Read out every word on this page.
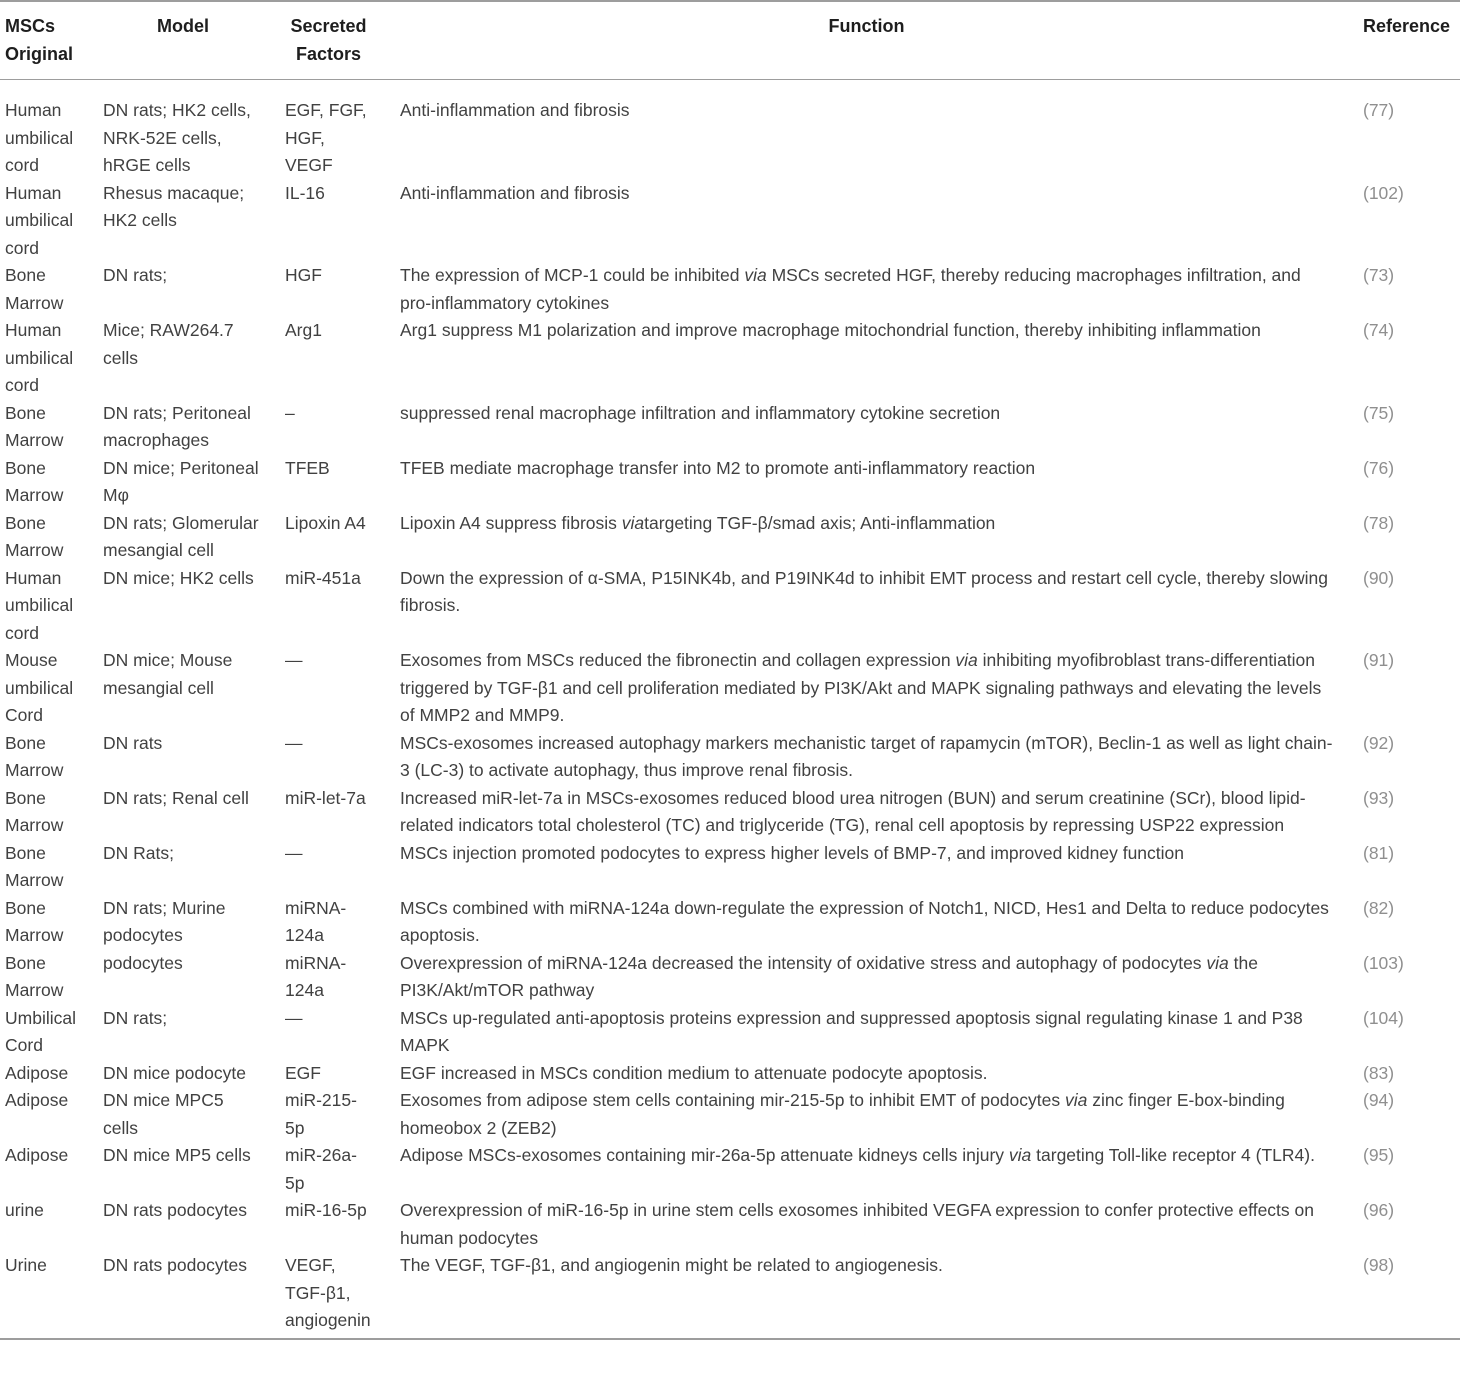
MSCs Original	Model	Secreted Factors	Function	Reference
Human umbilical cord	DN rats; HK2 cells, NRK-52E cells, hRGE cells	EGF, FGF, HGF, VEGF	Anti-inflammation and fibrosis	(77)
Human umbilical cord	Rhesus macaque; HK2 cells	IL-16	Anti-inflammation and fibrosis	(102)
Bone Marrow	DN rats;	HGF	The expression of MCP-1 could be inhibited via MSCs secreted HGF, thereby reducing macrophages infiltration, and pro-inflammatory cytokines	(73)
Human umbilical cord	Mice; RAW264.7 cells	Arg1	Arg1 suppress M1 polarization and improve macrophage mitochondrial function, thereby inhibiting inflammation	(74)
Bone Marrow	DN rats; Peritoneal macrophages	–	suppressed renal macrophage infiltration and inflammatory cytokine secretion	(75)
Bone Marrow	DN mice; Peritoneal Mφ	TFEB	TFEB mediate macrophage transfer into M2 to promote anti-inflammatory reaction	(76)
Bone Marrow	DN rats; Glomerular mesangial cell	Lipoxin A4	Lipoxin A4 suppress fibrosis viatargeting TGF-β/smad axis; Anti-inflammation	(78)
Human umbilical cord	DN mice; HK2 cells	miR-451a	Down the expression of α-SMA, P15INK4b, and P19INK4d to inhibit EMT process and restart cell cycle, thereby slowing fibrosis.	(90)
Mouse umbilical Cord	DN mice; Mouse mesangial cell	—	Exosomes from MSCs reduced the fibronectin and collagen expression via inhibiting myofibroblast trans-differentiation triggered by TGF-β1 and cell proliferation mediated by PI3K/Akt and MAPK signaling pathways and elevating the levels of MMP2 and MMP9.	(91)
Bone Marrow	DN rats	—	MSCs-exosomes increased autophagy markers mechanistic target of rapamycin (mTOR), Beclin-1 as well as light chain-3 (LC-3) to activate autophagy, thus improve renal fibrosis.	(92)
Bone Marrow	DN rats; Renal cell	miR-let-7a	Increased miR-let-7a in MSCs-exosomes reduced blood urea nitrogen (BUN) and serum creatinine (SCr), blood lipid-related indicators total cholesterol (TC) and triglyceride (TG), renal cell apoptosis by repressing USP22 expression	(93)
Bone Marrow	DN Rats;	—	MSCs injection promoted podocytes to express higher levels of BMP-7, and improved kidney function	(81)
Bone Marrow	DN rats; Murine podocytes	miRNA-124a	MSCs combined with miRNA-124a down-regulate the expression of Notch1, NICD, Hes1 and Delta to reduce podocytes apoptosis.	(82)
Bone Marrow	podocytes	miRNA-124a	Overexpression of miRNA-124a decreased the intensity of oxidative stress and autophagy of podocytes via the PI3K/Akt/mTOR pathway	(103)
Umbilical Cord	DN rats;	—	MSCs up-regulated anti-apoptosis proteins expression and suppressed apoptosis signal regulating kinase 1 and P38 MAPK	(104)
Adipose	DN mice podocyte	EGF	EGF increased in MSCs condition medium to attenuate podocyte apoptosis.	(83)
Adipose	DN mice MPC5 cells	miR-215-5p	Exosomes from adipose stem cells containing mir-215-5p to inhibit EMT of podocytes via zinc finger E-box-binding homeobox 2 (ZEB2)	(94)
Adipose	DN mice MP5 cells	miR-26a-5p	Adipose MSCs-exosomes containing mir-26a-5p attenuate kidneys cells injury via targeting Toll-like receptor 4 (TLR4).	(95)
urine	DN rats podocytes	miR-16-5p	Overexpression of miR-16-5p in urine stem cells exosomes inhibited VEGFA expression to confer protective effects on human podocytes	(96)
Urine	DN rats podocytes	VEGF, TGF-β1, angiogenin	The VEGF, TGF-β1, and angiogenin might be related to angiogenesis.	(98)
